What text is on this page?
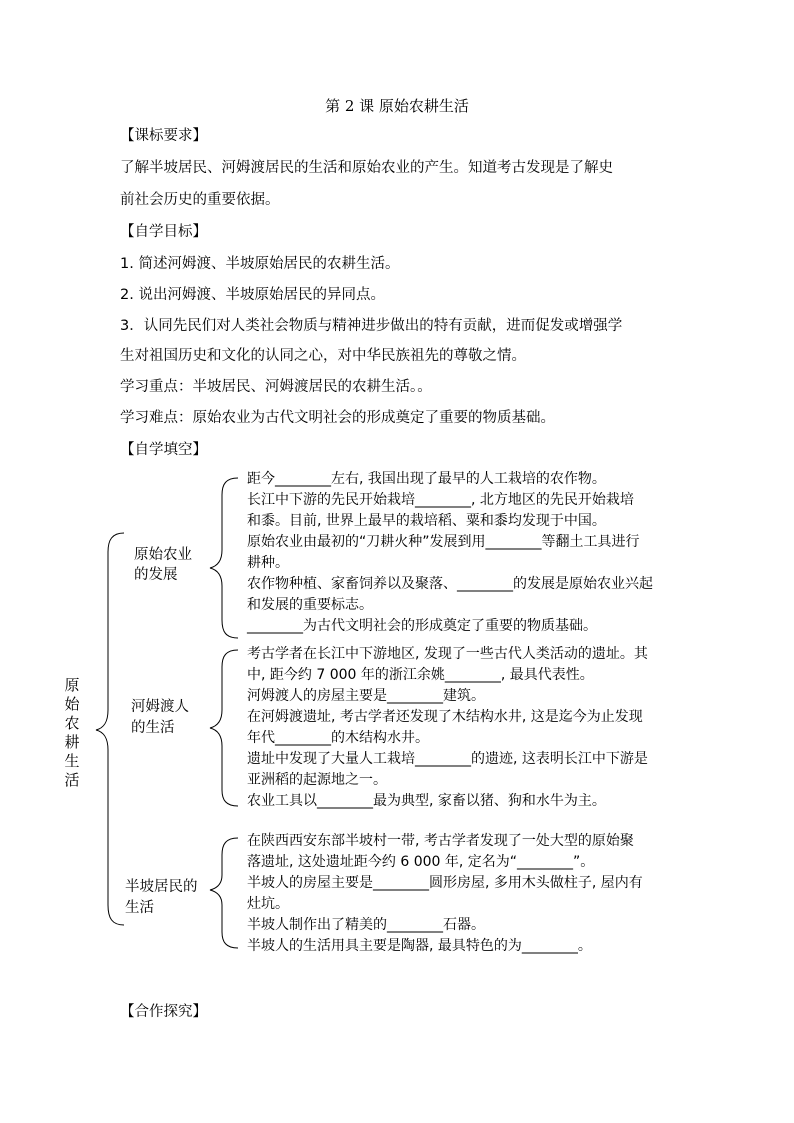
第 2 课 原始农耕生活
【课标要求】
了解半坡居民、河姆渡居民的生活和原始农业的产生。知道考古发现是了解史
前社会历史的重要依据。
【自学目标】
1. 简述河姆渡、半坡原始居民的农耕生活。
2. 说出河姆渡、半坡原始居民的异同点。
3．认同先民们对人类社会物质与精神进步做出的特有贡献，进而促发或增强学
生对祖国历史和文化的认同之心，对中华民族祖先的尊敬之情。
学习重点：半坡居民、河姆渡居民的农耕生活。。
学习难点：原始农业为古代文明社会的形成奠定了重要的物质基础。
【自学填空】
原
始
农
耕
生
活
原始农业
的发展
河姆渡人
的生活
半坡居民的
生活
距今________左右, 我国出现了最早的人工栽培的农作物。
长江中下游的先民开始栽培________, 北方地区的先民开始栽培
和黍。目前, 世界上最早的栽培稻、粟和黍均发现于中国。
原始农业由最初的“刀耕火种”发展到用________等翻土工具进行
耕种。
农作物种植、家畜饲养以及聚落、________的发展是原始农业兴起
和发展的重要标志。
________为古代文明社会的形成奠定了重要的物质基础。
考古学者在长江中下游地区, 发现了一些古代人类活动的遗址。其
中, 距今约 7 000 年的浙江余姚________, 最具代表性。
河姆渡人的房屋主要是________建筑。
在河姆渡遗址, 考古学者还发现了木结构水井, 这是迄今为止发现
年代________的木结构水井。
遗址中发现了大量人工栽培________的遗迹, 这表明长江中下游是
亚洲稻的起源地之一。
农业工具以________最为典型, 家畜以猪、狗和水牛为主。
在陕西西安东部半坡村一带, 考古学者发现了一处大型的原始聚
落遗址, 这处遗址距今约 6 000 年, 定名为“________”。
半坡人的房屋主要是________圆形房屋, 多用木头做柱子, 屋内有
灶坑。
半坡人制作出了精美的________石器。
半坡人的生活用具主要是陶器, 最具特色的为________。
【合作探究】
